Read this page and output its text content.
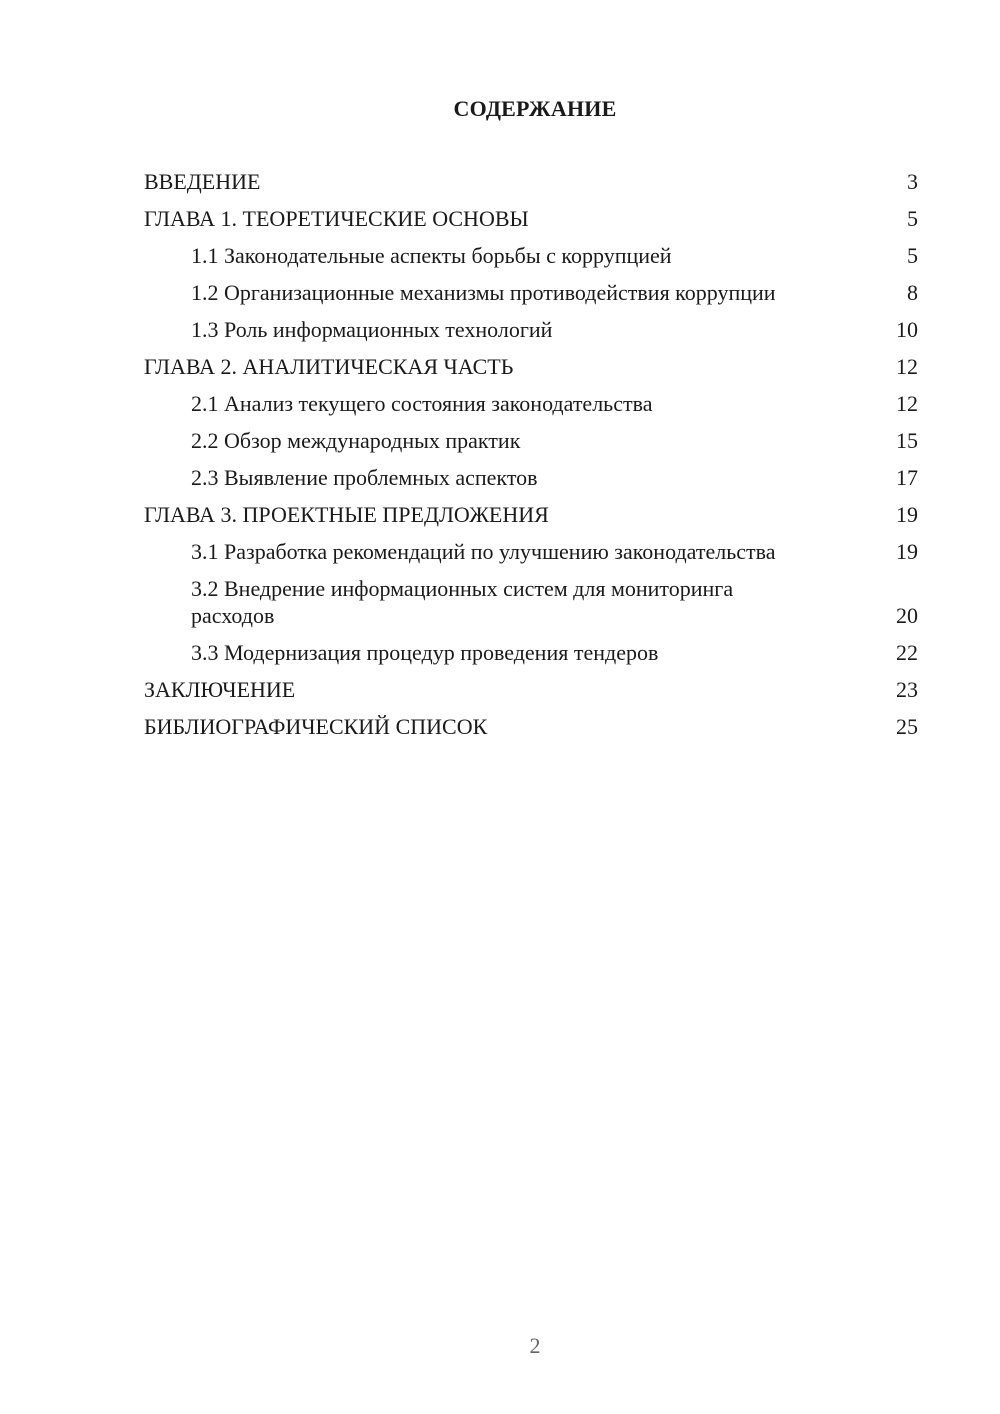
СОДЕРЖАНИЕ
ВВЕДЕНИЕ	3
ГЛАВА 1. ТЕОРЕТИЧЕСКИЕ ОСНОВЫ	5
1.1 Законодательные аспекты борьбы с коррупцией	5
1.2 Организационные механизмы противодействия коррупции	8
1.3 Роль информационных технологий	10
ГЛАВА 2. АНАЛИТИЧЕСКАЯ ЧАСТЬ	12
2.1 Анализ текущего состояния законодательства	12
2.2 Обзор международных практик	15
2.3 Выявление проблемных аспектов	17
ГЛАВА 3. ПРОЕКТНЫЕ ПРЕДЛОЖЕНИЯ	19
3.1 Разработка рекомендаций по улучшению законодательства	19
3.2 Внедрение информационных систем для мониторинга расходов	20
3.3 Модернизация процедур проведения тендеров	22
ЗАКЛЮЧЕНИЕ	23
БИБЛИОГРАФИЧЕСКИЙ СПИСОК	25
2
